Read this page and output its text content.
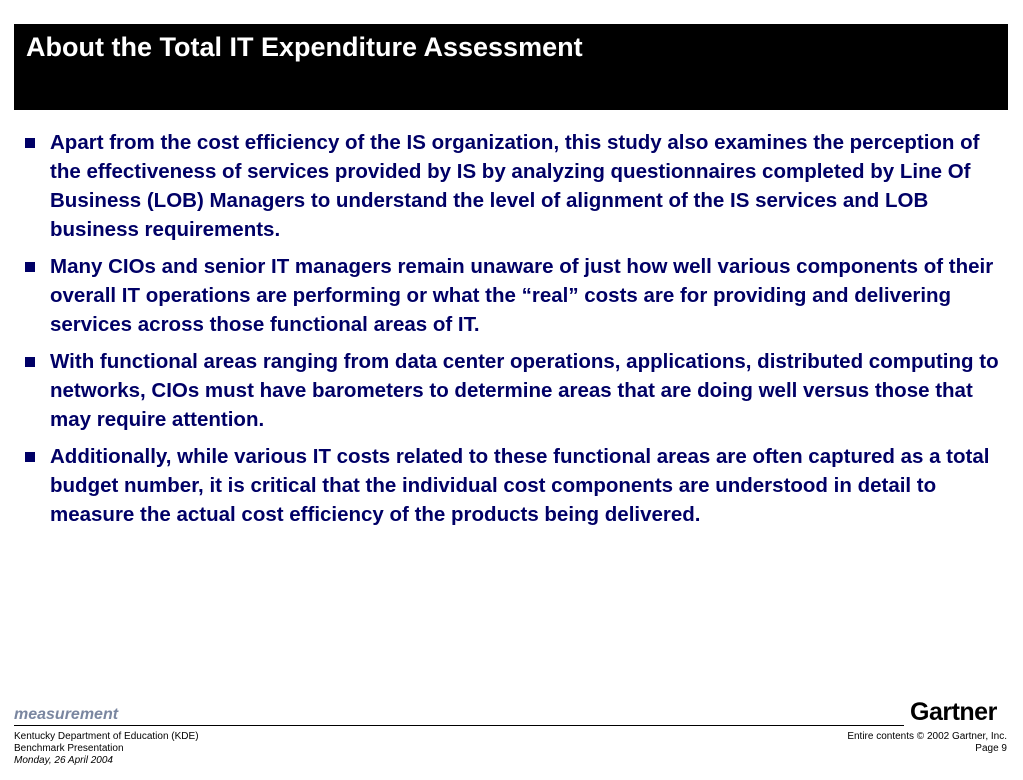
About the Total IT Expenditure Assessment
Apart from the cost efficiency of the IS organization, this study also examines the perception of the effectiveness of services provided by IS by analyzing questionnaires completed by Line Of Business (LOB) Managers to understand the level of alignment of the IS services and LOB business requirements.
Many CIOs and senior IT managers remain unaware of just how well various components of their overall IT operations are performing or what the “real” costs are for providing and delivering services across those functional areas of IT.
With functional areas ranging from data center operations, applications, distributed computing to networks, CIOs must have barometers to determine areas that are doing well versus those that may require attention.
Additionally, while various IT costs related to these functional areas are often captured as a total budget number, it is critical that the individual cost components are understood in detail to measure the actual cost efficiency of the products being delivered.
measurement	Gartner
Kentucky Department of Education (KDE)
Benchmark Presentation
Monday, 26 April 2004
Entire contents © 2002 Gartner, Inc.
Page 9
